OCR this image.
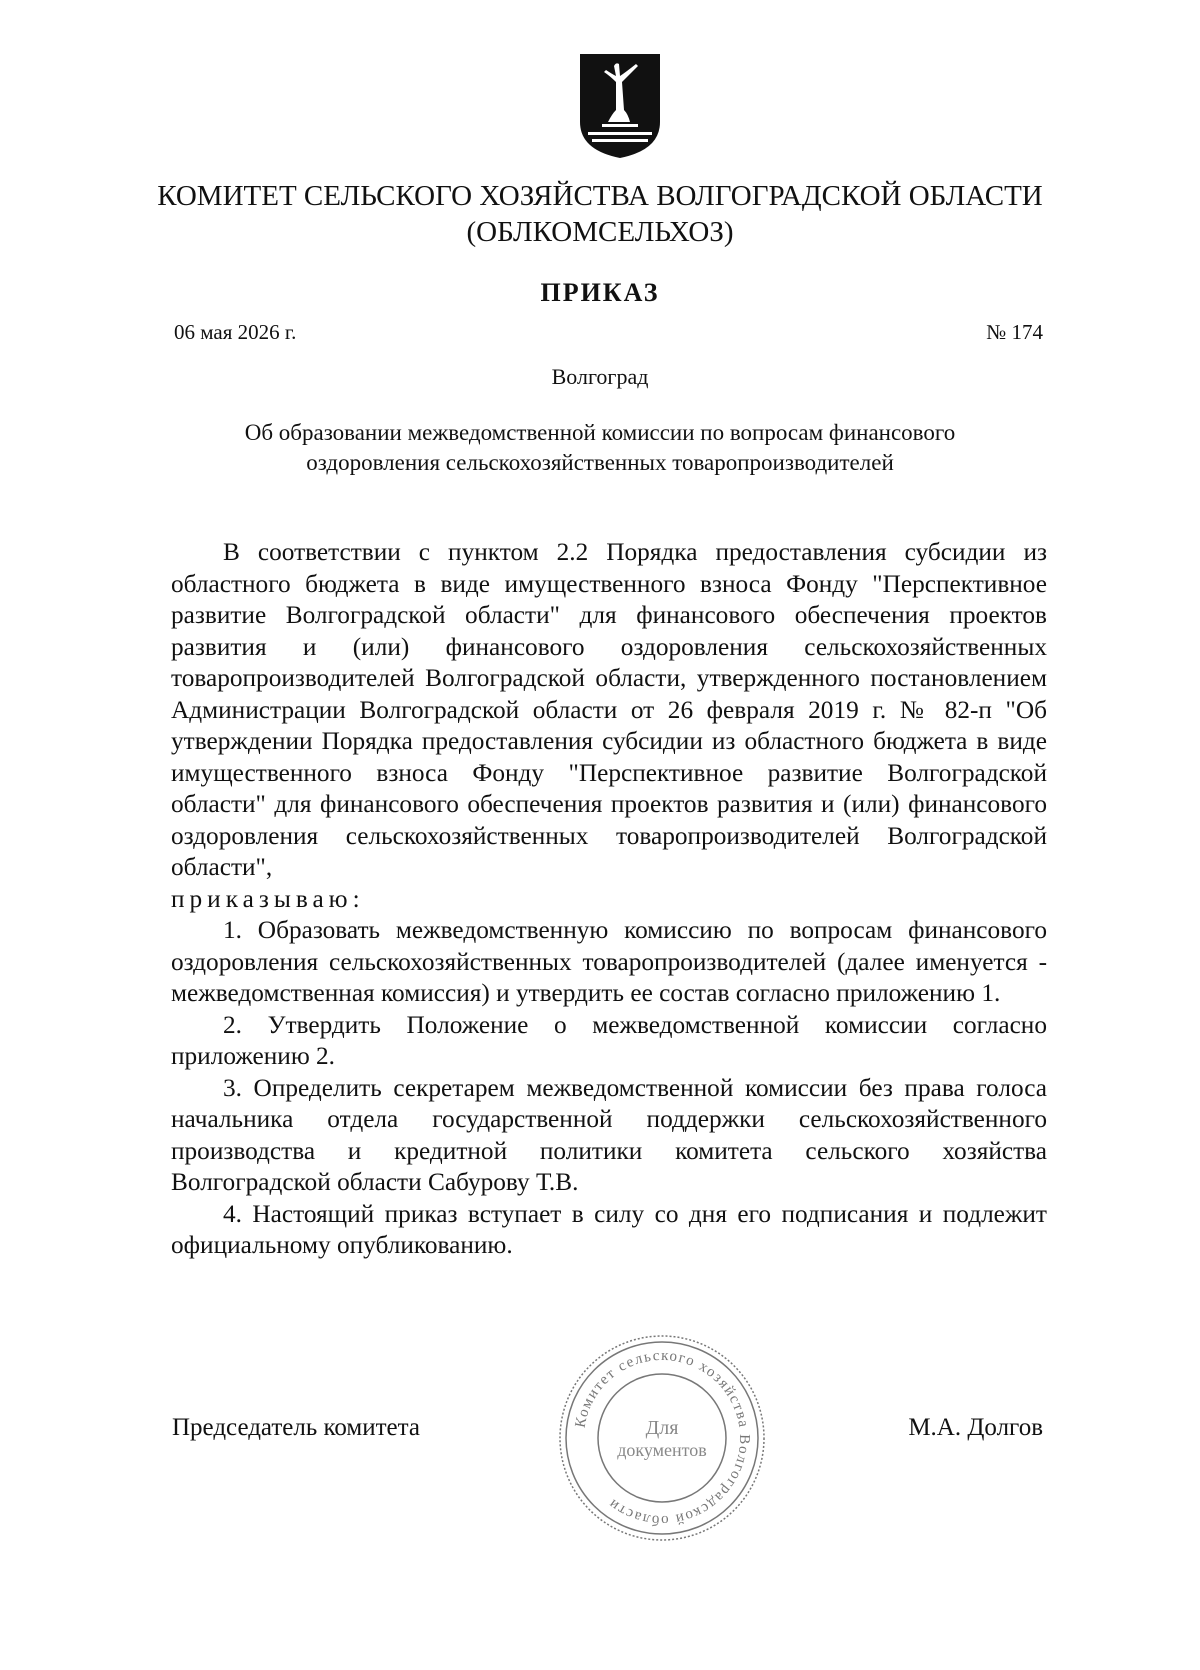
КОМИТЕТ СЕЛЬСКОГО ХОЗЯЙСТВА ВОЛГОГРАДСКОЙ ОБЛАСТИ
(ОБЛКОМСЕЛЬХОЗ)
ПРИКАЗ
06 мая 2026 г.	№ 174
Волгоград
Об образовании межведомственной комиссии по вопросам финансового
оздоровления сельскохозяйственных товаропроизводителей

В соответствии с пунктом 2.2 Порядка предоставления субсидии из областного бюджета в виде имущественного взноса Фонду "Перспективное развитие Волгоградской области" для финансового обеспечения проектов развития и (или) финансового оздоровления сельскохозяйственных товаропроизводителей Волгоградской области, утвержденного постановлением Администрации Волгоградской области от 26 февраля 2019 г. № 82-п "Об утверждении Порядка предоставления субсидии из областного бюджета в виде имущественного взноса Фонду "Перспективное развитие Волгоградской области" для финансового обеспечения проектов развития и (или) финансового оздоровления сельскохозяйственных товаропроизводителей Волгоградской области",

приказываю:

1. Образовать межведомственную комиссию по вопросам финансового оздоровления сельскохозяйственных товаропроизводителей (далее именуется - межведомственная комиссия) и утвердить ее состав согласно приложению 1.

2. Утвердить Положение о межведомственной комиссии согласно приложению 2.

3. Определить секретарем межведомственной комиссии без права голоса начальника отдела государственной поддержки сельскохозяйственного производства и кредитной политики комитета сельского хозяйства Волгоградской области Сабурову Т.В.

4. Настоящий приказ вступает в силу со дня его подписания и подлежит официальному опубликованию.

Председатель комитета	М.А. Долгов
Комитет сельского хозяйства Волгоградской области
Для
документов
